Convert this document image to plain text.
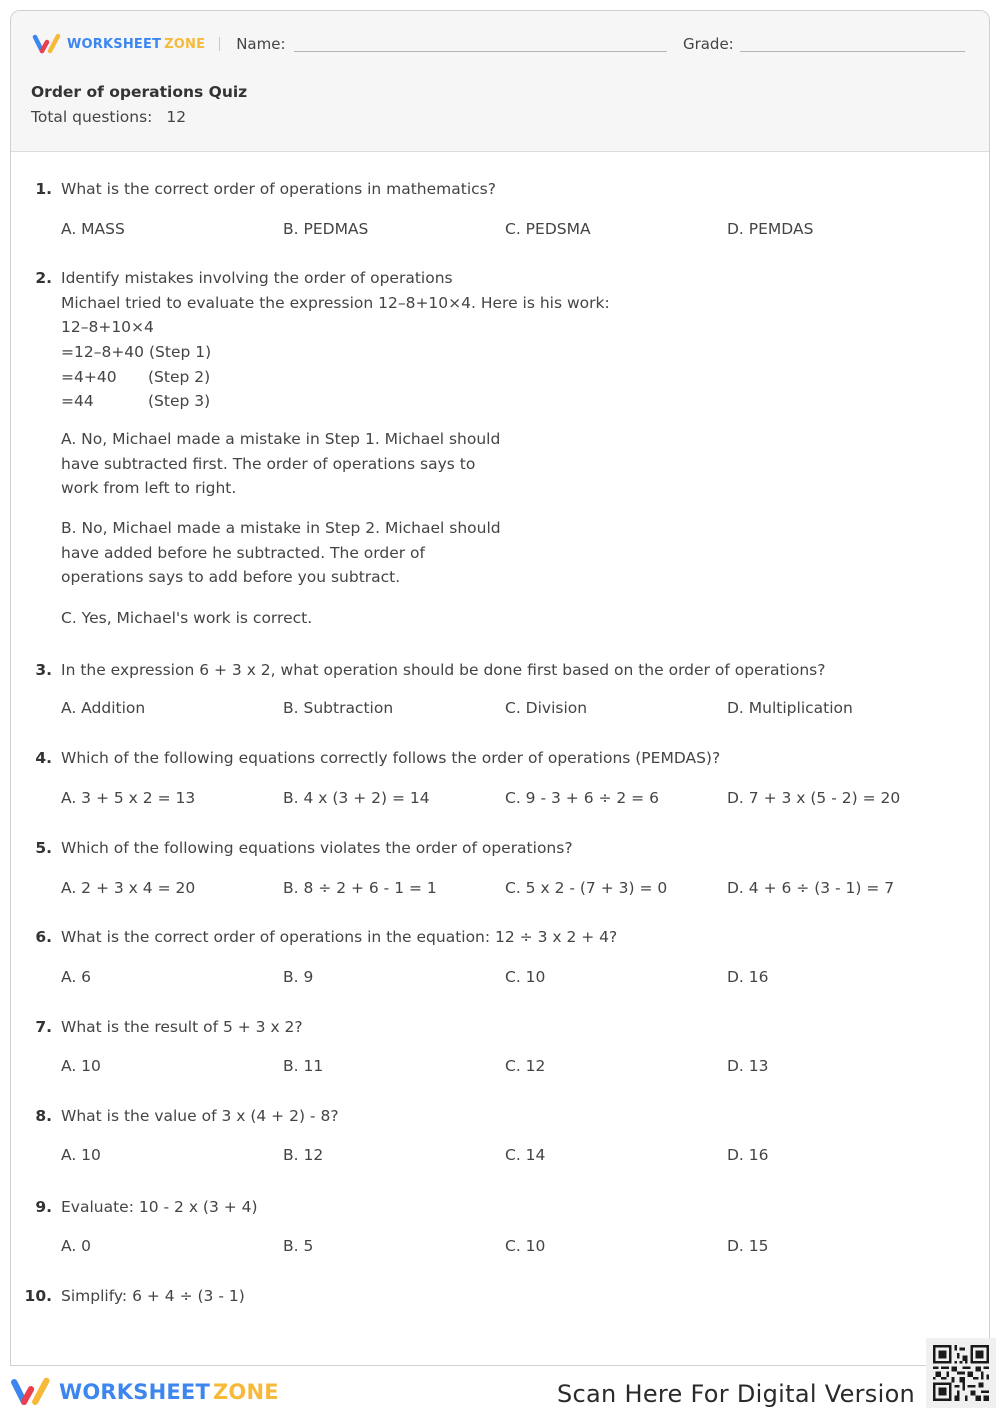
WORKSHEET ZONE Name:	Grade:
Order of operations Quiz
Total questions: 12
1. What is the correct order of operations in mathematics?
A. MASS	B. PEDMAS	C. PEDSMA	D. PEMDAS
2. Identify mistakes involving the order of operations
Michael tried to evaluate the expression 12–8+10×4. Here is his work:
12–8+10×4
=12–8+40 (Step 1)
=4+40 (Step 2)
=44	(Step 3)
A. No, Michael made a mistake in Step 1. Michael should have subtracted first. The order of operations says to work from left to right.
B. No, Michael made a mistake in Step 2. Michael should have added before he subtracted. The order of operations says to add before you subtract.
C. Yes, Michael's work is correct.
3. In the expression 6 + 3 x 2, what operation should be done first based on the order of operations?
A. Addition	B. Subtraction	C. Division	D. Multiplication
4. Which of the following equations correctly follows the order of operations (PEMDAS)?
A. 3 + 5 x 2 = 13	B. 4 x (3 + 2) = 14	C. 9 - 3 + 6 ÷ 2 = 6	D. 7 + 3 x (5 - 2) = 20
5. Which of the following equations violates the order of operations?
A. 2 + 3 x 4 = 20	B. 8 ÷ 2 + 6 - 1 = 1	C. 5 x 2 - (7 + 3) = 0	D. 4 + 6 ÷ (3 - 1) = 7
6. What is the correct order of operations in the equation: 12 ÷ 3 x 2 + 4?
A. 6	B. 9	C. 10	D. 16
7. What is the result of 5 + 3 x 2?
A. 10	B. 11	C. 12	D. 13
8. What is the value of 3 x (4 + 2) - 8?
A. 10	B. 12	C. 14	D. 16
9. Evaluate: 10 - 2 x (3 + 4)
A. 0	B. 5	C. 10	D. 15
10. Simplify: 6 + 4 ÷ (3 - 1)
WORKSHEET ZONE	Scan Here For Digital Version
